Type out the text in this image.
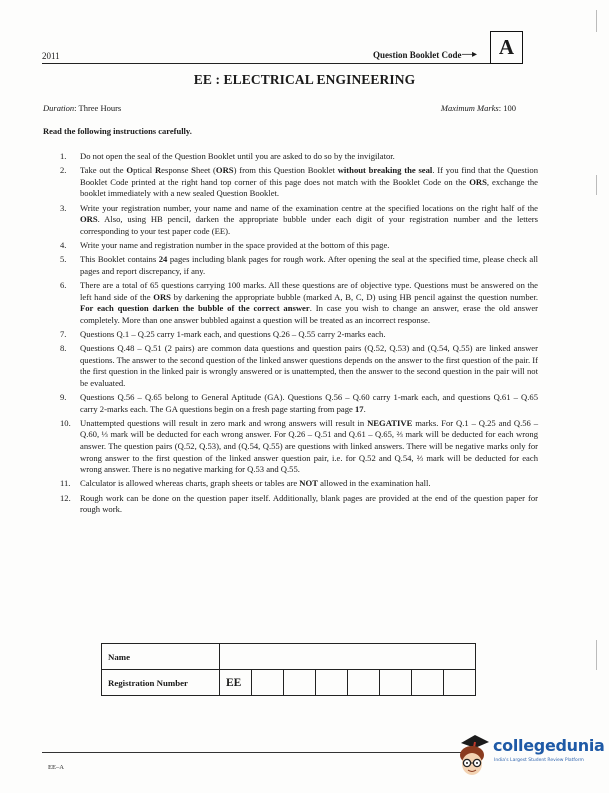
2011	Question Booklet Code —▸ A
EE : ELECTRICAL ENGINEERING
Duration: Three Hours	Maximum Marks: 100
Read the following instructions carefully.
1.	Do not open the seal of the Question Booklet until you are asked to do so by the invigilator.
2.	Take out the Optical Response Sheet (ORS) from this Question Booklet without breaking the seal. If you find that the Question Booklet Code printed at the right hand top corner of this page does not match with the Booklet Code on the ORS, exchange the booklet immediately with a new sealed Question Booklet.
3.	Write your registration number, your name and name of the examination centre at the specified locations on the right half of the ORS. Also, using HB pencil, darken the appropriate bubble under each digit of your registration number and the letters corresponding to your test paper code (EE).
4.	Write your name and registration number in the space provided at the bottom of this page.
5.	This Booklet contains 24 pages including blank pages for rough work. After opening the seal at the specified time, please check all pages and report discrepancy, if any.
6.	There are a total of 65 questions carrying 100 marks. All these questions are of objective type. Questions must be answered on the left hand side of the ORS by darkening the appropriate bubble (marked A, B, C, D) using HB pencil against the question number. For each question darken the bubble of the correct answer. In case you wish to change an answer, erase the old answer completely. More than one answer bubbled against a question will be treated as an incorrect response.
7.	Questions Q.1 – Q.25 carry 1-mark each, and questions Q.26 – Q.55 carry 2-marks each.
8.	Questions Q.48 – Q.51 (2 pairs) are common data questions and question pairs (Q.52, Q.53) and (Q.54, Q.55) are linked answer questions. The answer to the second question of the linked answer questions depends on the answer to the first question of the pair. If the first question in the linked pair is wrongly answered or is unattempted, then the answer to the second question in the pair will not be evaluated.
9.	Questions Q.56 – Q.65 belong to General Aptitude (GA). Questions Q.56 – Q.60 carry 1-mark each, and questions Q.61 – Q.65 carry 2-marks each. The GA questions begin on a fresh page starting from page 17.
10.	Unattempted questions will result in zero mark and wrong answers will result in NEGATIVE marks. For Q.1 – Q.25 and Q.56 – Q.60, ⅓ mark will be deducted for each wrong answer. For Q.26 – Q.51 and Q.61 – Q.65, ⅔ mark will be deducted for each wrong answer. The question pairs (Q.52, Q.53), and (Q.54, Q.55) are questions with linked answers. There will be negative marks only for wrong answer to the first question of the linked answer question pair, i.e. for Q.52 and Q.54, ⅔ mark will be deducted for each wrong answer. There is no negative marking for Q.53 and Q.55.
11.	Calculator is allowed whereas charts, graph sheets or tables are NOT allowed in the examination hall.
12.	Rough work can be done on the question paper itself. Additionally, blank pages are provided at the end of the question paper for rough work.
Name								
Registration Number	EE							
EE–A
collegedunia
India's Largest Student Review Platform
